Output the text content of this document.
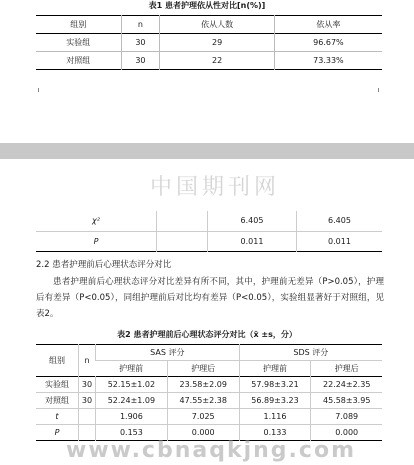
表1 患者护理依从性对比[n(%)]
组别	n	依从人数	依从率
实验组	30	29	96.67%
对照组	30	22	73.33%
中国期刊网
χ²		6.405	6.405
P		0.011	0.011
2.2 患者护理前后心理状态评分对比
患者护理前后心理状态评分对比差异有所不同，其中，护理前无差异（P>0.05），护理后有差异（P<0.05），同组护理前后对比均有差异（P<0.05），实验组显著好于对照组，见表2。
表2 患者护理前后心理状态评分对比（x̄ ±s，分）
组别	n	SAS 评分		SDS 评分	
		护理前	护理后	护理前	护理后
实验组	30	52.15±1.02	23.58±2.09	57.98±3.21	22.24±2.35
对照组	30	52.24±1.09	47.55±2.38	56.89±3.23	45.58±3.95
t		1.906	7.025	1.116	7.089
P		0.153	0.000	0.133	0.000
www.cbnaqkjng.com
